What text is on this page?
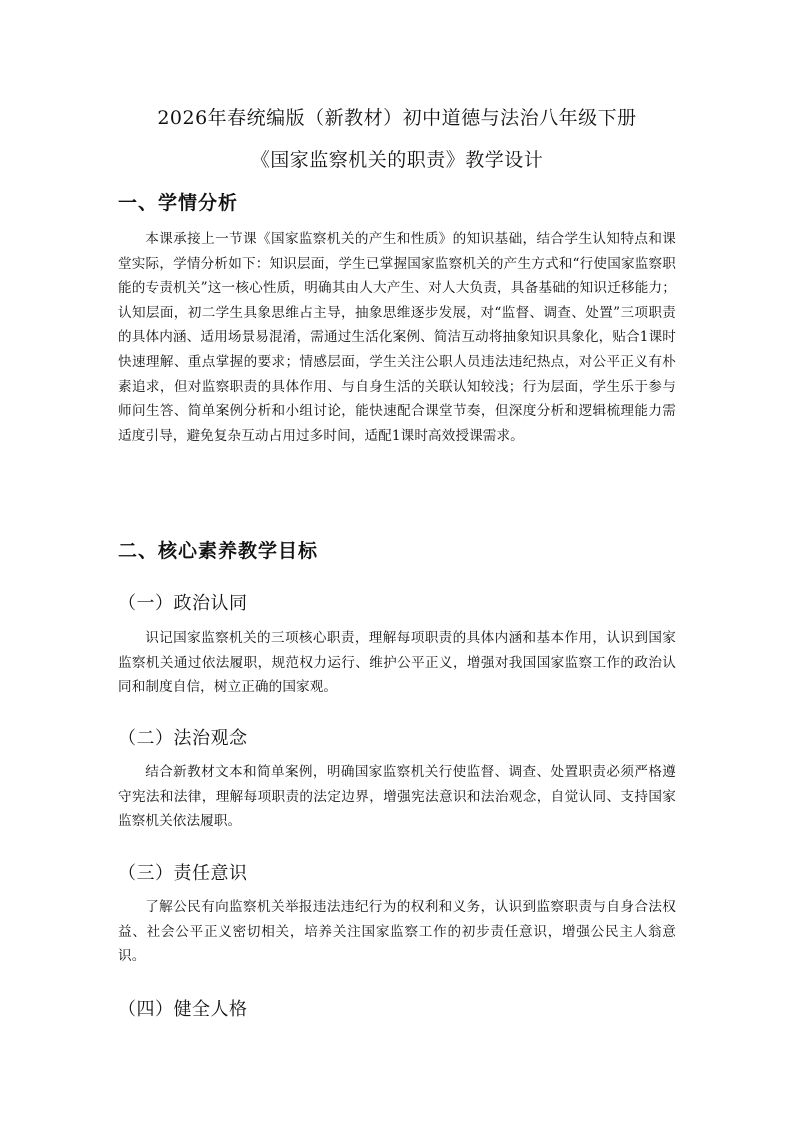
2026年春统编版（新教材）初中道德与法治八年级下册
《国家监察机关的职责》教学设计
一、学情分析
本课承接上一节课《国家监察机关的产生和性质》的知识基础，结合学生认知特点和课堂实际，学情分析如下：知识层面，学生已掌握国家监察机关的产生方式和“行使国家监察职能的专责机关”这一核心性质，明确其由人大产生、对人大负责，具备基础的知识迁移能力；认知层面，初二学生具象思维占主导，抽象思维逐步发展，对“监督、调查、处置”三项职责的具体内涵、适用场景易混淆，需通过生活化案例、简洁互动将抽象知识具象化，贴合1课时快速理解、重点掌握的要求；情感层面，学生关注公职人员违法违纪热点，对公平正义有朴素追求，但对监察职责的具体作用、与自身生活的关联认知较浅；行为层面，学生乐于参与师问生答、简单案例分析和小组讨论，能快速配合课堂节奏，但深度分析和逻辑梳理能力需适度引导，避免复杂互动占用过多时间，适配1课时高效授课需求。
二、核心素养教学目标
（一）政治认同
识记国家监察机关的三项核心职责，理解每项职责的具体内涵和基本作用，认识到国家监察机关通过依法履职，规范权力运行、维护公平正义，增强对我国国家监察工作的政治认同和制度自信，树立正确的国家观。
（二）法治观念
结合新教材文本和简单案例，明确国家监察机关行使监督、调查、处置职责必须严格遵守宪法和法律，理解每项职责的法定边界，增强宪法意识和法治观念，自觉认同、支持国家监察机关依法履职。
（三）责任意识
了解公民有向监察机关举报违法违纪行为的权利和义务，认识到监察职责与自身合法权益、社会公平正义密切相关，培养关注国家监察工作的初步责任意识，增强公民主人翁意识。
（四）健全人格
